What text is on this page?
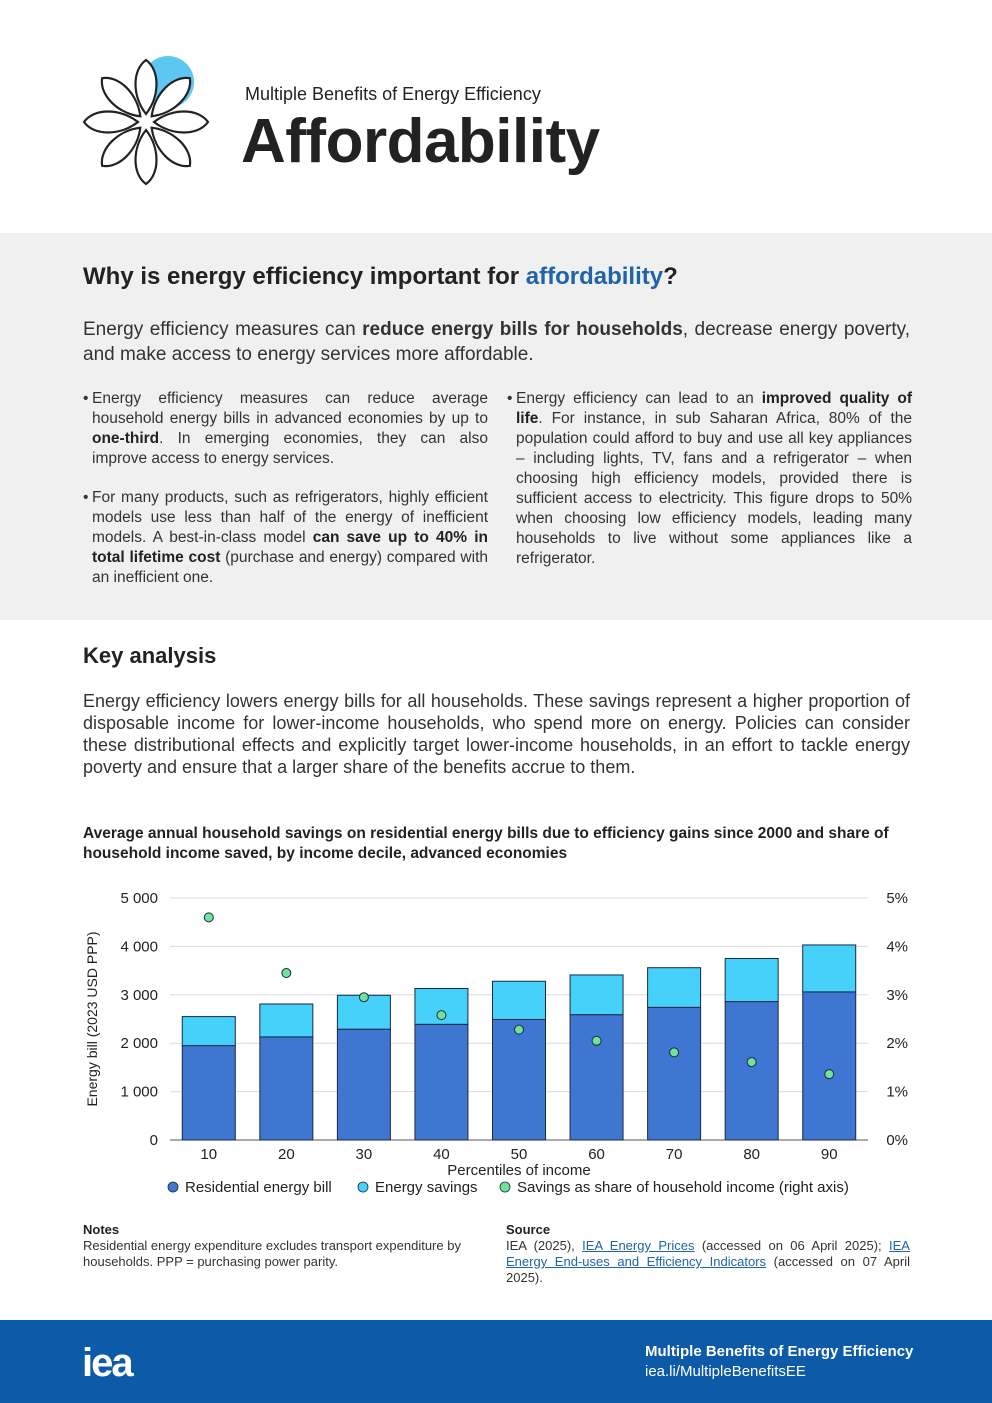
Multiple Benefits of Energy Efficiency
Affordability
Why is energy efficiency important for affordability?

Energy efficiency measures can reduce energy bills for households, decrease energy poverty, and make access to energy services more affordable.

• Energy efficiency measures can reduce average household energy bills in advanced economies by up to one-third. In emerging economies, they can also improve access to energy services.
• For many products, such as refrigerators, highly efficient models use less than half of the energy of inefficient models. A best-in-class model can save up to 40% in total lifetime cost (purchase and energy) compared with an inefficient one.
• Energy efficiency can lead to an improved quality of life. For instance, in sub Saharan Africa, 80% of the population could afford to buy and use all key appliances – including lights, TV, fans and a refrigerator – when choosing high efficiency models, provided there is sufficient access to electricity. This figure drops to 50% when choosing low efficiency models, leading many households to live without some appliances like a refrigerator.
Key analysis

Energy efficiency lowers energy bills for all households. These savings represent a higher proportion of disposable income for lower-income households, who spend more on energy. Policies can consider these distributional effects and explicitly target lower-income households, in an effort to tackle energy poverty and ensure that a larger share of the benefits accrue to them.

Average annual household savings on residential energy bills due to efficiency gains since 2000 and share of household income saved, by income decile, advanced economies
0
1 000
2 000
3 000
4 000
5 000
0%
1%
2%
3%
4%
5%
10	20	30	40	50	60	70	80	90
Percentiles of income
Energy bill (2023 USD PPP)
Residential energy bill	Energy savings	Savings as share of household income (right axis)
Notes

Residential energy expenditure excludes transport expenditure by households. PPP = purchasing power parity.

Source

IEA (2025), IEA Energy Prices (accessed on 06 April 2025); IEA Energy End-uses and Efficiency Indicators (accessed on 07 April 2025).

iea	Multiple Benefits of Energy Efficiency
iea.li/MultipleBenefitsEE
